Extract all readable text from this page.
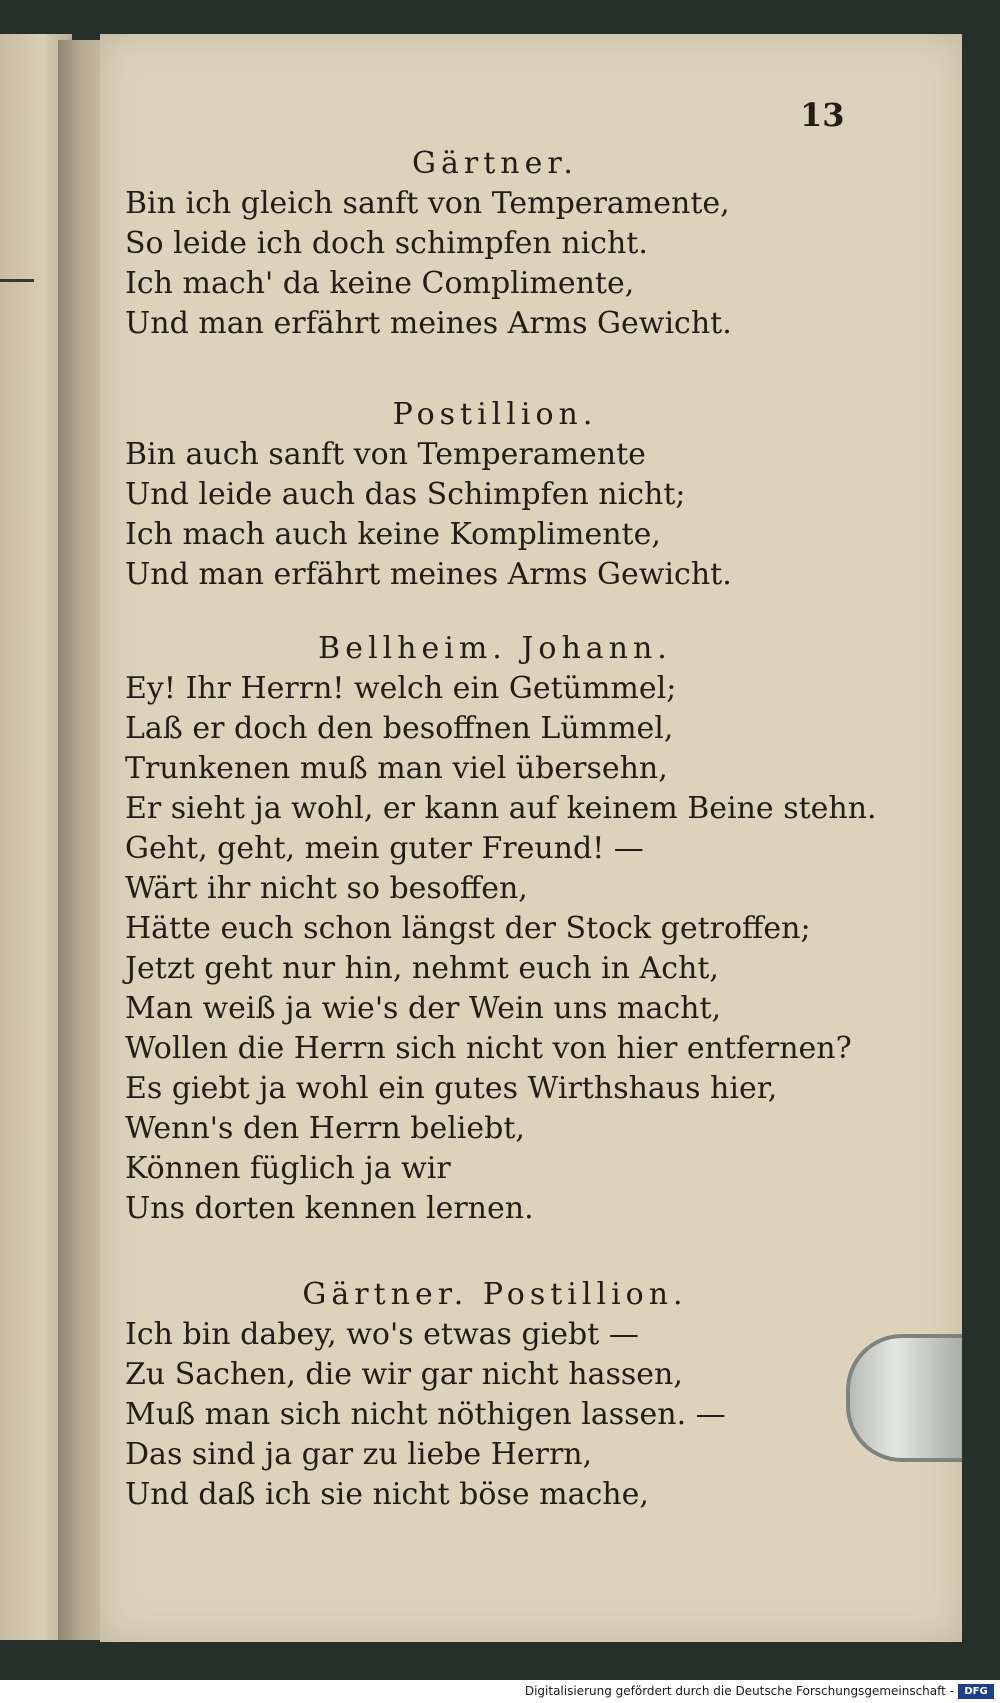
13
Gärtner.
Bin ich gleich sanft von Temperamente,
So leide ich doch schimpfen nicht.
Ich mach' da keine Complimente,
Und man erfährt meines Arms Gewicht.
Postillion.
Bin auch sanft von Temperamente
Und leide auch das Schimpfen nicht;
Ich mach auch keine Komplimente,
Und man erfährt meines Arms Gewicht.
Bellheim. Johann.
Ey! Ihr Herrn! welch ein Getümmel;
Laß er doch den besoffnen Lümmel,
Trunkenen muß man viel übersehn,
Er sieht ja wohl, er kann auf keinem Beine stehn.
Geht, geht, mein guter Freund! —
Wärt ihr nicht so besoffen,
Hätte euch schon längst der Stock getroffen;
Jetzt geht nur hin, nehmt euch in Acht,
Man weiß ja wie's der Wein uns macht,
Wollen die Herrn sich nicht von hier entfernen?
Es giebt ja wohl ein gutes Wirthshaus hier,
Wenn's den Herrn beliebt,
Können füglich ja wir
Uns dorten kennen lernen.
Gärtner. Postillion.
Ich bin dabey, wo's etwas giebt —
Zu Sachen, die wir gar nicht hassen,
Muß man sich nicht nöthigen lassen. —
Das sind ja gar zu liebe Herrn,
Und daß ich sie nicht böse mache,
Digitalisierung gefördert durch die Deutsche Forschungsgemeinschaft -	DFG
